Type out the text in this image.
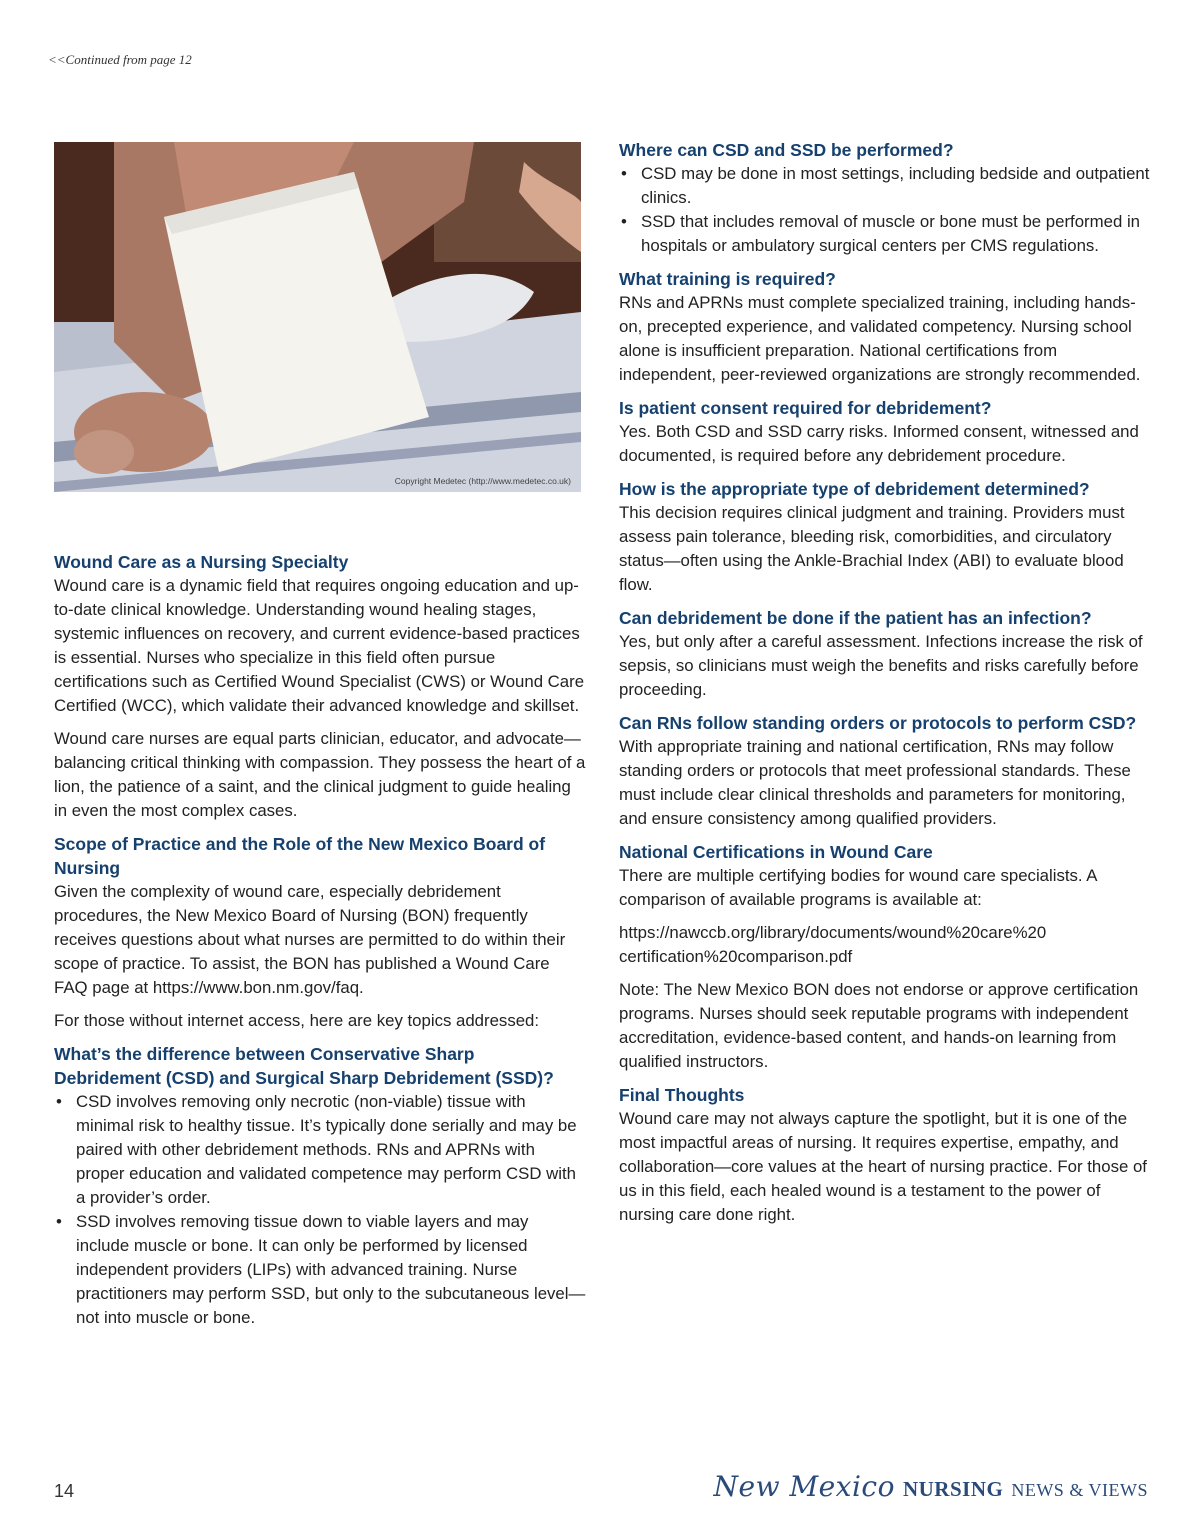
<<Continued from page 12
Copyright Medetec (http://www.medetec.co.uk)
Wound Care as a Nursing Specialty

Wound care is a dynamic field that requires ongoing education and up-to-date clinical knowledge. Understanding wound healing stages, systemic influences on recovery, and current evidence-based practices is essential. Nurses who specialize in this field often pursue certifications such as Certified Wound Specialist (CWS) or Wound Care Certified (WCC), which validate their advanced knowledge and skillset.

Wound care nurses are equal parts clinician, educator, and advocate—balancing critical thinking with compassion. They possess the heart of a lion, the patience of a saint, and the clinical judgment to guide healing in even the most complex cases.

Scope of Practice and the Role of the New Mexico Board of Nursing

Given the complexity of wound care, especially debridement procedures, the New Mexico Board of Nursing (BON) frequently receives questions about what nurses are permitted to do within their scope of practice. To assist, the BON has published a Wound Care FAQ page at https://www.bon.nm.gov/faq.

For those without internet access, here are key topics addressed:

What’s the difference between Conservative Sharp Debridement (CSD) and Surgical Sharp Debridement (SSD)?
• CSD involves removing only necrotic (non-viable) tissue with minimal risk to healthy tissue. It’s typically done serially and may be paired with other debridement methods. RNs and APRNs with proper education and validated competence may perform CSD with a provider’s order.
• SSD involves removing tissue down to viable layers and may include muscle or bone. It can only be performed by licensed independent providers (LIPs) with advanced training. Nurse practitioners may perform SSD, but only to the subcutaneous level—not into muscle or bone.
Where can CSD and SSD be performed?
• CSD may be done in most settings, including bedside and outpatient clinics.
• SSD that includes removal of muscle or bone must be performed in hospitals or ambulatory surgical centers per CMS regulations.
What training is required?

RNs and APRNs must complete specialized training, including hands-on, precepted experience, and validated competency. Nursing school alone is insufficient preparation. National certifications from independent, peer-reviewed organizations are strongly recommended.

Is patient consent required for debridement?

Yes. Both CSD and SSD carry risks. Informed consent, witnessed and documented, is required before any debridement procedure.

How is the appropriate type of debridement determined?

This decision requires clinical judgment and training. Providers must assess pain tolerance, bleeding risk, comorbidities, and circulatory status—often using the Ankle-Brachial Index (ABI) to evaluate blood flow.

Can debridement be done if the patient has an infection?

Yes, but only after a careful assessment. Infections increase the risk of sepsis, so clinicians must weigh the benefits and risks carefully before proceeding.

Can RNs follow standing orders or protocols to perform CSD?

With appropriate training and national certification, RNs may follow standing orders or protocols that meet professional standards. These must include clear clinical thresholds and parameters for monitoring, and ensure consistency among qualified providers.

National Certifications in Wound Care

There are multiple certifying bodies for wound care specialists. A comparison of available programs is available at:

https://nawccb.org/library/documents/wound%20care%20 certification%20comparison.pdf

Note: The New Mexico BON does not endorse or approve certification programs. Nurses should seek reputable programs with independent accreditation, evidence-based content, and hands-on learning from qualified instructors.

Final Thoughts

Wound care may not always capture the spotlight, but it is one of the most impactful areas of nursing. It requires expertise, empathy, and collaboration—core values at the heart of nursing practice. For those of us in this field, each healed wound is a testament to the power of nursing care done right.

14	New Mexico NURSING NEWS & VIEWS
